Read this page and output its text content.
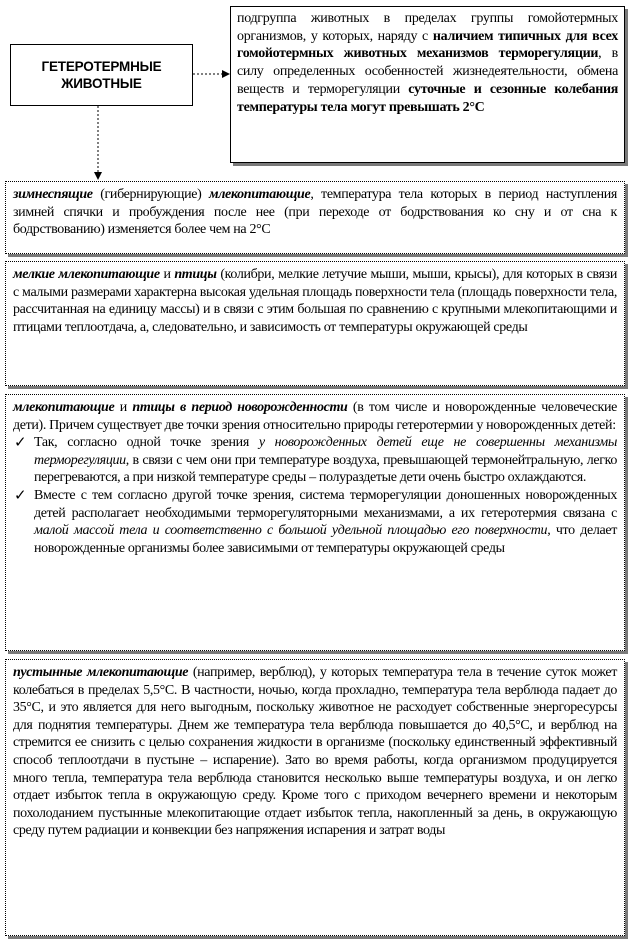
ГЕТЕРОТЕРМНЫЕ
ЖИВОТНЫЕ
подгруппа животных в пределах группы гомойотермных организмов, у которых, наряду с наличием типичных для всех гомойотермных животных механизмов терморегуляции, в силу определенных особенностей жизнедеятельности, обмена веществ и терморегуляции суточные и сезонные колебания температуры тела могут превышать 2°С

зимнеспящие (гибернирующие) млекопитающие, температура тела которых в период наступления зимней спячки и пробуждения после нее (при переходе от бодрствования ко сну и от сна к бодрствованию) изменяется более чем на 2°С

мелкие млекопитающие и птицы (колибри, мелкие летучие мыши, мыши, крысы), для которых в связи с малыми размерами характерна высокая удельная площадь поверхности тела (площадь поверхности тела, рассчитанная на единицу массы) и в связи с этим большая по сравнению с крупными млекопитающими и птицами теплоотдача, а, следовательно, и зависимость от температуры окружающей среды

млекопитающие и птицы в период новорожденности (в том числе и новорожденные человеческие дети). Причем существует две точки зрения относительно природы гетеротермии у новорожденных детей:

✓ Так, согласно одной точке зрения у новорожденных детей еще не совершенны механизмы терморегуляции, в связи с чем они при температуре воздуха, превышающей термонейтральную, легко перегреваются, а при низкой температуре среды – полураздетые дети очень быстро охлаждаются.
✓ Вместе с тем согласно другой точке зрения, система терморегуляции доношенных новорожденных детей располагает необходимыми терморегуляторными механизмами, а их гетеротермия связана с малой массой тела и соответственно с большой удельной площадью его поверхности, что делает новорожденные организмы более зависимыми от температуры окружающей среды

пустынные млекопитающие (например, верблюд), у которых температура тела в течение суток может колебаться в пределах 5,5°С. В частности, ночью, когда прохладно, температура тела верблюда падает до 35°С, и это является для него выгодным, поскольку животное не расходует собственные энергоресурсы для поднятия температуры. Днем же температура тела верблюда повышается до 40,5°С, и верблюд на стремится ее снизить с целью сохранения жидкости в организме (поскольку единственный эффективный способ теплоотдачи в пустыне – испарение). Зато во время работы, когда организмом продуцируется много тепла, температура тела верблюда становится несколько выше температуры воздуха, и он легко отдает избыток тепла в окружающую среду. Кроме того с приходом вечернего времени и некоторым похолоданием пустынные млекопитающие отдает избыток тепла, накопленный за день, в окружающую среду путем радиации и конвекции без напряжения испарения и затрат воды
